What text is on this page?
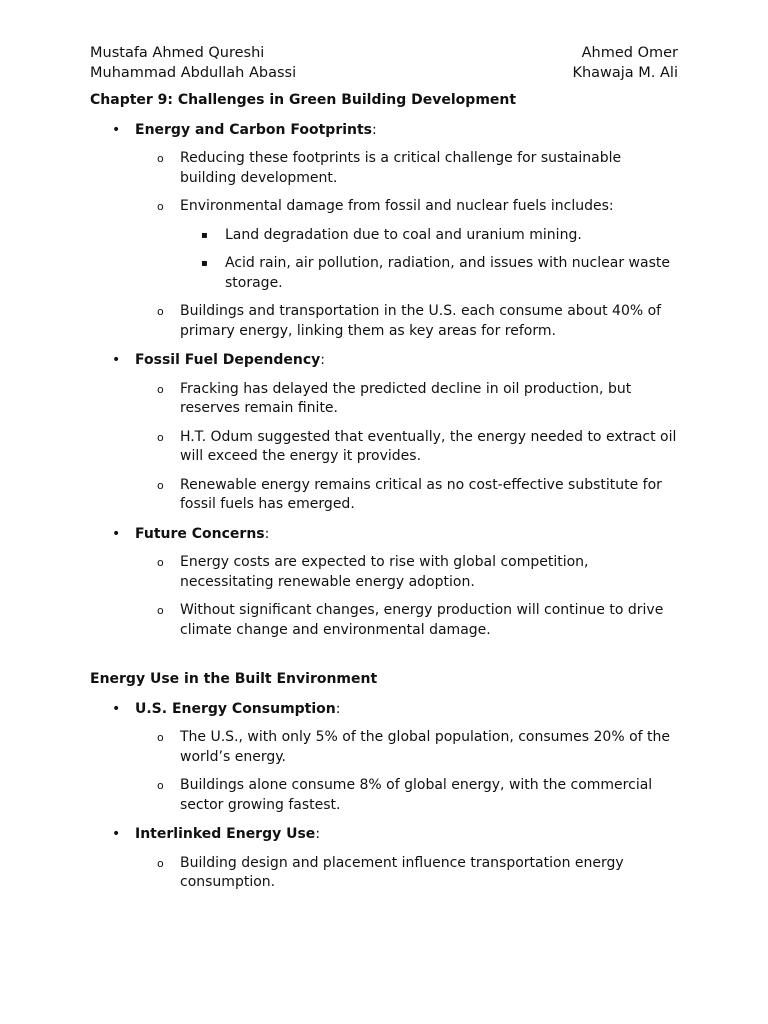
Mustafa Ahmed Qureshi
Muhammad Abdullah Abassi
Ahmed Omer
Khawaja M. Ali
Chapter 9: Challenges in Green Building Development
• Energy and Carbon Footprints:
o Reducing these footprints is a critical challenge for sustainable building development.
o Environmental damage from fossil and nuclear fuels includes:
▪ Land degradation due to coal and uranium mining.
▪ Acid rain, air pollution, radiation, and issues with nuclear waste storage.
o Buildings and transportation in the U.S. each consume about 40% of primary energy, linking them as key areas for reform.
• Fossil Fuel Dependency:
o Fracking has delayed the predicted decline in oil production, but reserves remain finite.
o H.T. Odum suggested that eventually, the energy needed to extract oil will exceed the energy it provides.
o Renewable energy remains critical as no cost-effective substitute for fossil fuels has emerged.
• Future Concerns:
o Energy costs are expected to rise with global competition, necessitating renewable energy adoption.
o Without significant changes, energy production will continue to drive climate change and environmental damage.
Energy Use in the Built Environment
• U.S. Energy Consumption:
o The U.S., with only 5% of the global population, consumes 20% of the world’s energy.
o Buildings alone consume 8% of global energy, with the commercial sector growing fastest.
• Interlinked Energy Use:
o Building design and placement influence transportation energy consumption.
